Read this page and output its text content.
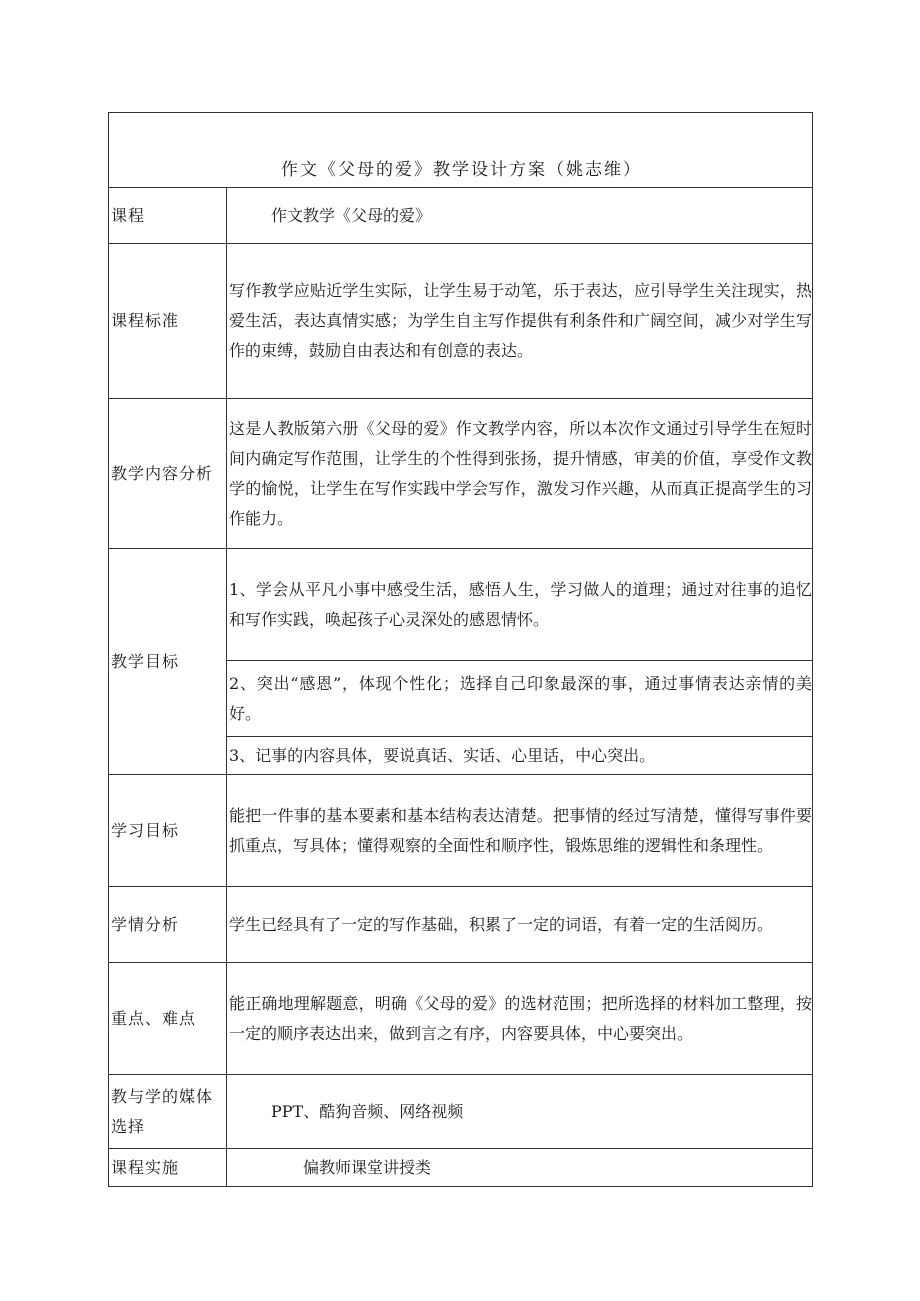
作文《父母的爱》教学设计方案（姚志维）	
课程	作文教学《父母的爱》
课程标准	写作教学应贴近学生实际，让学生易于动笔，乐于表达，应引导学生关注现实，热爱生活，表达真情实感；为学生自主写作提供有利条件和广阔空间，减少对学生写作的束缚，鼓励自由表达和有创意的表达。
教学内容分析	这是人教版第六册《父母的爱》作文教学内容，所以本次作文通过引导学生在短时间内确定写作范围，让学生的个性得到张扬，提升情感，审美的价值，享受作文教学的愉悦，让学生在写作实践中学会写作，激发习作兴趣，从而真正提高学生的习作能力。
教学目标	1、学会从平凡小事中感受生活，感悟人生，学习做人的道理；通过对往事的追忆和写作实践，唤起孩子心灵深处的感恩情怀。
	2、突出“感恩”，体现个性化；选择自己印象最深的事，通过事情表达亲情的美好。
	3、记事的内容具体，要说真话、实话、心里话，中心突出。
学习目标	能把一件事的基本要素和基本结构表达清楚。把事情的经过写清楚，懂得写事件要抓重点，写具体；懂得观察的全面性和顺序性，锻炼思维的逻辑性和条理性。
学情分析	学生已经具有了一定的写作基础，积累了一定的词语，有着一定的生活阅历。
重点、难点	能正确地理解题意，明确《父母的爱》的选材范围；把所选择的材料加工整理，按一定的顺序表达出来，做到言之有序，内容要具体，中心要突出。
教与学的媒体选择	PPT、酷狗音频、网络视频
课程实施	偏教师课堂讲授类
